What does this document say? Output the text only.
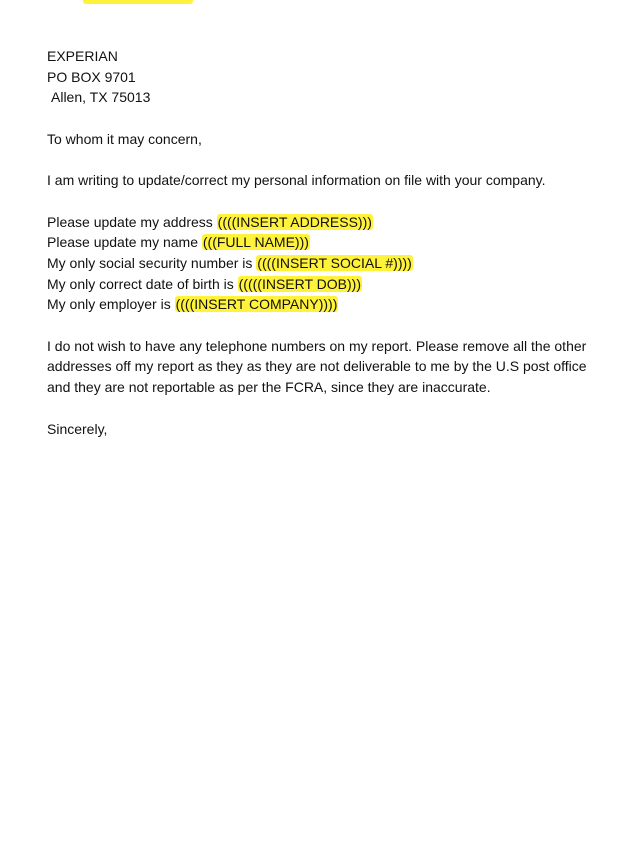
EXPERIAN
PO BOX 9701
Allen, TX 75013
To whom it may concern,
I am writing to update/correct my personal information on file with your company.
Please update my address ((((INSERT ADDRESS)))
Please update my name (((FULL NAME)))
My only social security number is ((((INSERT SOCIAL #))))
My only correct date of birth is (((((INSERT DOB)))
My only employer is ((((INSERT COMPANY))))
I do not wish to have any telephone numbers on my report. Please remove all the other addresses off my report as they as they are not deliverable to me by the U.S post office and they are not reportable as per the FCRA, since they are inaccurate.
Sincerely,
